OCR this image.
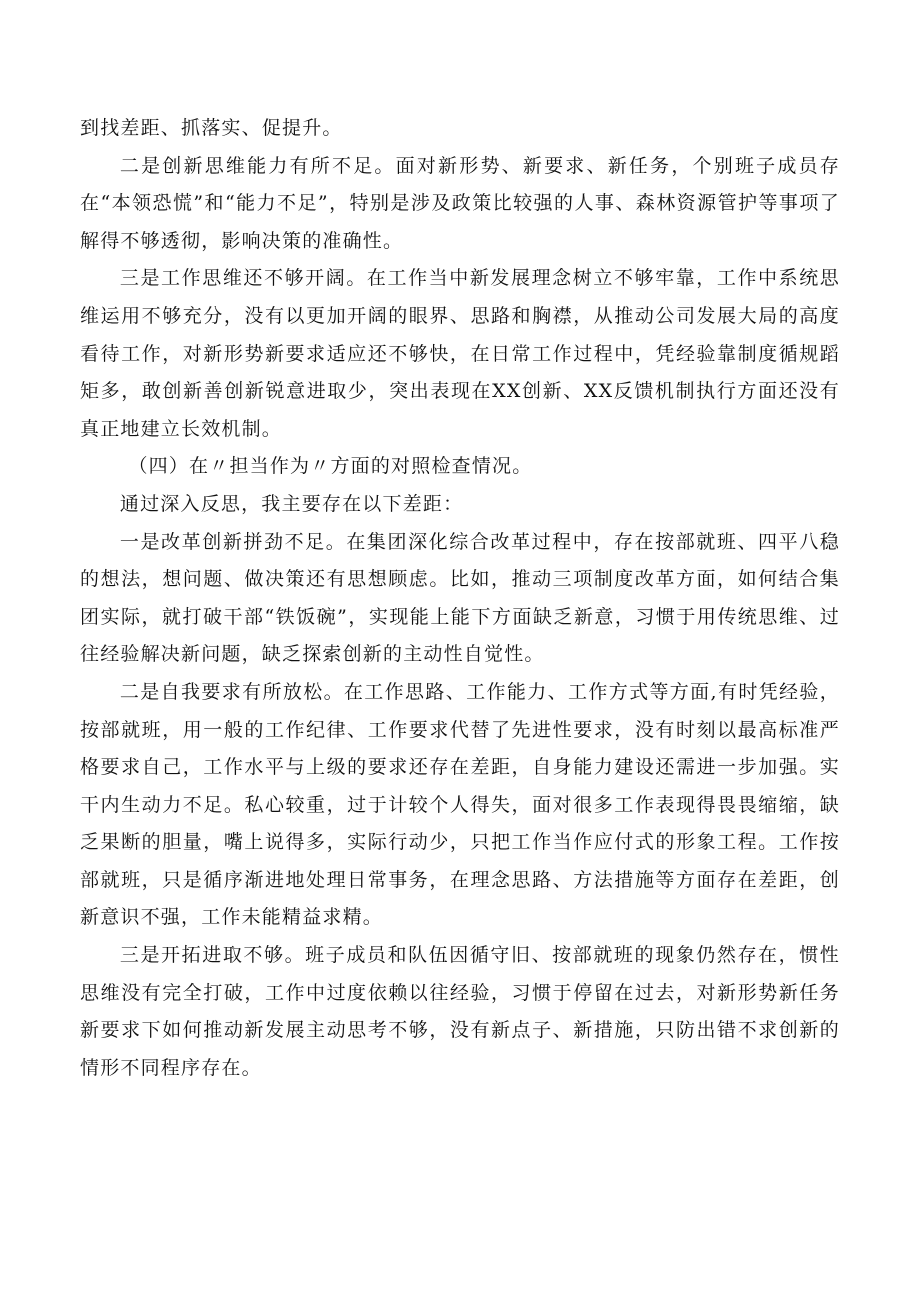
到找差距、抓落实、促提升。

二是创新思维能力有所不足。面对新形势、新要求、新任务，个别班子成员存在“本领恐慌”和“能力不足”，特别是涉及政策比较强的人事、森林资源管护等事项了解得不够透彻，影响决策的准确性。

三是工作思维还不够开阔。在工作当中新发展理念树立不够牢靠，工作中系统思维运用不够充分，没有以更加开阔的眼界、思路和胸襟，从推动公司发展大局的高度看待工作，对新形势新要求适应还不够快，在日常工作过程中，凭经验靠制度循规蹈矩多，敢创新善创新锐意进取少，突出表现在XX创新、XX反馈机制执行方面还没有真正地建立长效机制。

（四）在〃担当作为〃方面的对照检查情况。

通过深入反思，我主要存在以下差距：

一是改革创新拼劲不足。在集团深化综合改革过程中，存在按部就班、四平八稳的想法，想问题、做决策还有思想顾虑。比如，推动三项制度改革方面，如何结合集团实际，就打破干部“铁饭碗”，实现能上能下方面缺乏新意，习惯于用传统思维、过往经验解决新问题，缺乏探索创新的主动性自觉性。

二是自我要求有所放松。在工作思路、工作能力、工作方式等方面,有时凭经验，按部就班，用一般的工作纪律、工作要求代替了先进性要求，没有时刻以最高标准严格要求自己，工作水平与上级的要求还存在差距，自身能力建设还需进一步加强。实干内生动力不足。私心较重，过于计较个人得失，面对很多工作表现得畏畏缩缩，缺乏果断的胆量，嘴上说得多，实际行动少，只把工作当作应付式的形象工程。工作按部就班，只是循序渐进地处理日常事务，在理念思路、方法措施等方面存在差距，创新意识不强，工作未能精益求精。

三是开拓进取不够。班子成员和队伍因循守旧、按部就班的现象仍然存在，惯性思维没有完全打破，工作中过度依赖以往经验，习惯于停留在过去，对新形势新任务新要求下如何推动新发展主动思考不够，没有新点子、新措施，只防出错不求创新的情形不同程序存在。
